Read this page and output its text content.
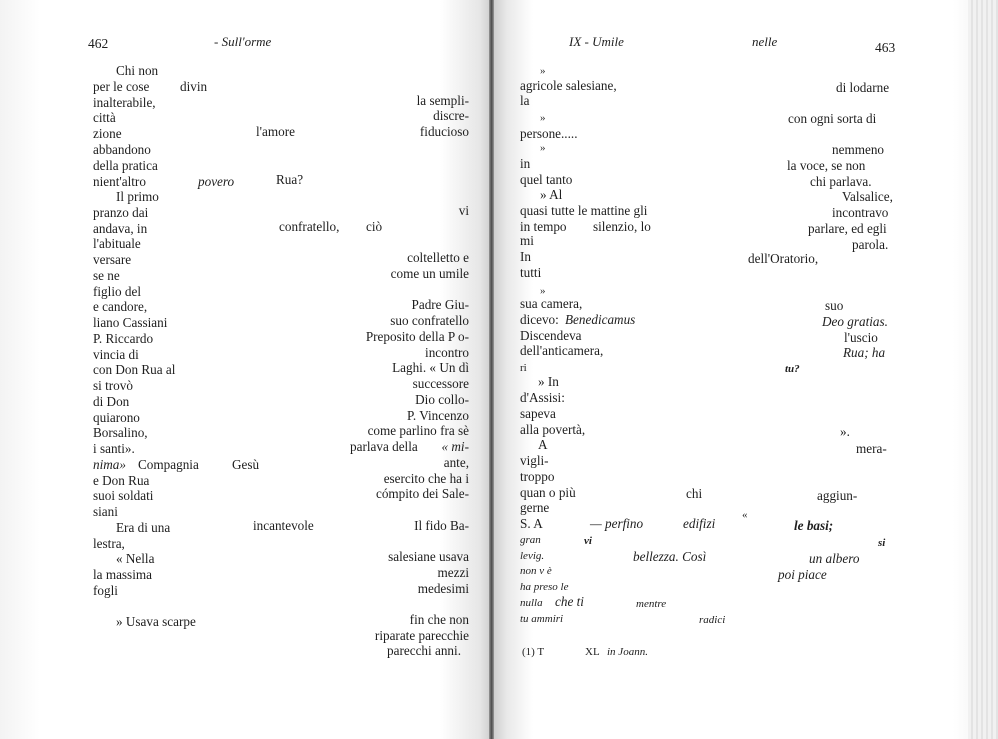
462	- Sull'orme
Chi non
divin
per le cose
inalterabile,	la sempli-
città	discre-
zione	l'amore	fiducioso
abbandono
della pratica
nient'altro	povero	Rua?
Il primo
pranzo dai	vi
andava, in	confratello, ciò
l'abituale
versare	coltelletto e
se ne	come un umile
figlio del
e candore,	Padre Giu-
liano Cassiani	suo confratello
P. Riccardo	Preposito della P o-
vincia di	incontro
con Don Rua al	Laghi. « Un dì
si trovò	successore
di Don	Dio collo-
quiarono	P. Vincenzo
Borsalino,	come parlino fra sè
i santi».	parlava della « mi-
nima» Compagnia	Gesù	ante,
e Don Rua	esercito che ha i
suoi soldati	cómpito dei Sale-
siani
Era di una	incantevole	Il fido Ba-
lestra,
« Nella	salesiane usava
la massima	mezzi
fogli	medesimi
» Usava scarpe	fin che non
riparate parecchie
parecchi anni.
IX - Umile	nelle	463
»
agricole salesiane,	di lodarne
la
»	con ogni sorta di
persone.....
»	nemmeno
in	la voce, se non
quel tanto	chi parlava.
» Al	Valsalice,
quasi tutte le mattine gli	incontravo
in tempo silenzio, lo	parlare, ed egli
mi	parola.
In	dell'Oratorio,
tutti
»
sua camera,	suo
dicevo: Benedicamus	Deo gratias.
Discendeva	l'uscio
dell'anticamera,	Rua; ha
ri	tu?
» In
d'Assisi:
sapeva
alla povertà,	».
A	mera-
vigli-
troppo
quan o più	chi	aggiun-
gerne
S. A	— perfino	edifizi
«
le basi;
si
gran	vi
bellezza. Così	un albero
levig.
non v è	poi piace
ha preso le
nulla che ti	mentre
tu ammiri	radici
(1) T	XL in Joann.
